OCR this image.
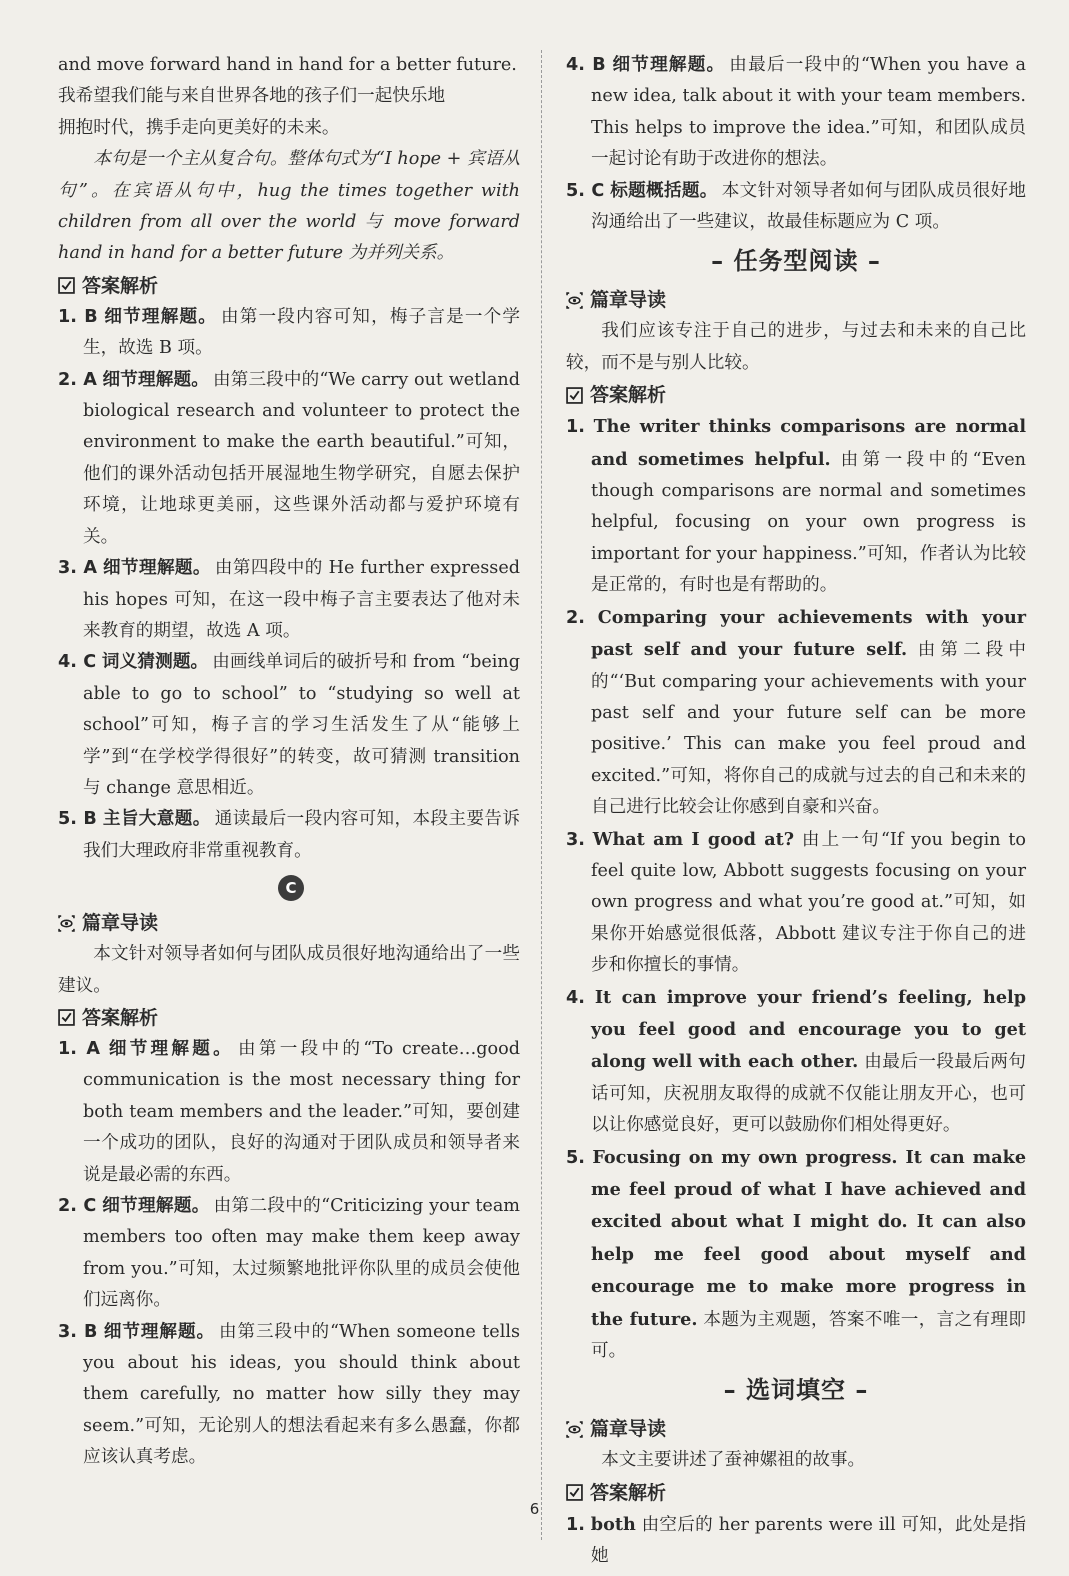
and move forward hand in hand for a better future.

我希望我们能与来自世界各地的孩子们一起快乐地

拥抱时代，携手走向更美好的未来。

本句是一个主从复合句。整体句式为“I hope + 宾语从句”。在宾语从句中，hug the times together with children from all over the world 与 move forward hand in hand for a better future 为并列关系。

答案解析
1. B 细节理解题。 由第一段内容可知，梅子言是一个学生，故选 B 项。
2. A 细节理解题。 由第三段中的“We carry out wetland biological research and volunteer to protect the environment to make the earth beautiful.”可知，他们的课外活动包括开展湿地生物学研究，自愿去保护环境，让地球更美丽，这些课外活动都与爱护环境有关。
3. A 细节理解题。 由第四段中的 He further expressed his hopes 可知，在这一段中梅子言主要表达了他对未来教育的期望，故选 A 项。
4. C 词义猜测题。 由画线单词后的破折号和 from “being able to go to school” to “studying so well at school”可知，梅子言的学习生活发生了从“能够上学”到“在学校学得很好”的转变，故可猜测 transition 与 change 意思相近。
5. B 主旨大意题。 通读最后一段内容可知，本段主要告诉我们大理政府非常重视教育。
C
篇章导读

本文针对领导者如何与团队成员很好地沟通给出了一些建议。

答案解析
1. A 细节理解题。 由第一段中的“To create…good communication is the most necessary thing for both team members and the leader.”可知，要创建一个成功的团队，良好的沟通对于团队成员和领导者来说是最必需的东西。
2. C 细节理解题。 由第二段中的“Criticizing your team members too often may make them keep away from you.”可知，太过频繁地批评你队里的成员会使他们远离你。
3. B 细节理解题。 由第三段中的“When someone tells you about his ideas, you should think about them carefully, no matter how silly they may seem.”可知，无论别人的想法看起来有多么愚蠢，你都应该认真考虑。
4. B 细节理解题。 由最后一段中的“When you have a new idea, talk about it with your team members. This helps to improve the idea.”可知，和团队成员一起讨论有助于改进你的想法。
5. C 标题概括题。 本文针对领导者如何与团队成员很好地沟通给出了一些建议，故最佳标题应为 C 项。
– 任务型阅读 –
篇章导读

我们应该专注于自己的进步，与过去和未来的自己比较，而不是与别人比较。

答案解析
1. The writer thinks comparisons are normal and sometimes helpful. 由第一段中的“Even though comparisons are normal and sometimes helpful, focusing on your own progress is important for your happiness.”可知，作者认为比较是正常的，有时也是有帮助的。
2. Comparing your achievements with your past self and your future self. 由第二段中的“‘But comparing your achievements with your past self and your future self can be more positive.’ This can make you feel proud and excited.”可知，将你自己的成就与过去的自己和未来的自己进行比较会让你感到自豪和兴奋。
3. What am I good at? 由上一句“If you begin to feel quite low, Abbott suggests focusing on your own progress and what you’re good at.”可知，如果你开始感觉很低落，Abbott 建议专注于你自己的进步和你擅长的事情。
4. It can improve your friend’s feeling, help you feel good and encourage you to get along well with each other. 由最后一段最后两句话可知，庆祝朋友取得的成就不仅能让朋友开心，也可以让你感觉良好，更可以鼓励你们相处得更好。
5. Focusing on my own progress. It can make me feel proud of what I have achieved and excited about what I might do. It can also help me feel good about myself and encourage me to make more progress in the future. 本题为主观题，答案不唯一，言之有理即可。
– 选词填空 –
篇章导读

本文主要讲述了蚕神嫘祖的故事。

答案解析
1. both 由空后的 her parents were ill 可知，此处是指她
6
